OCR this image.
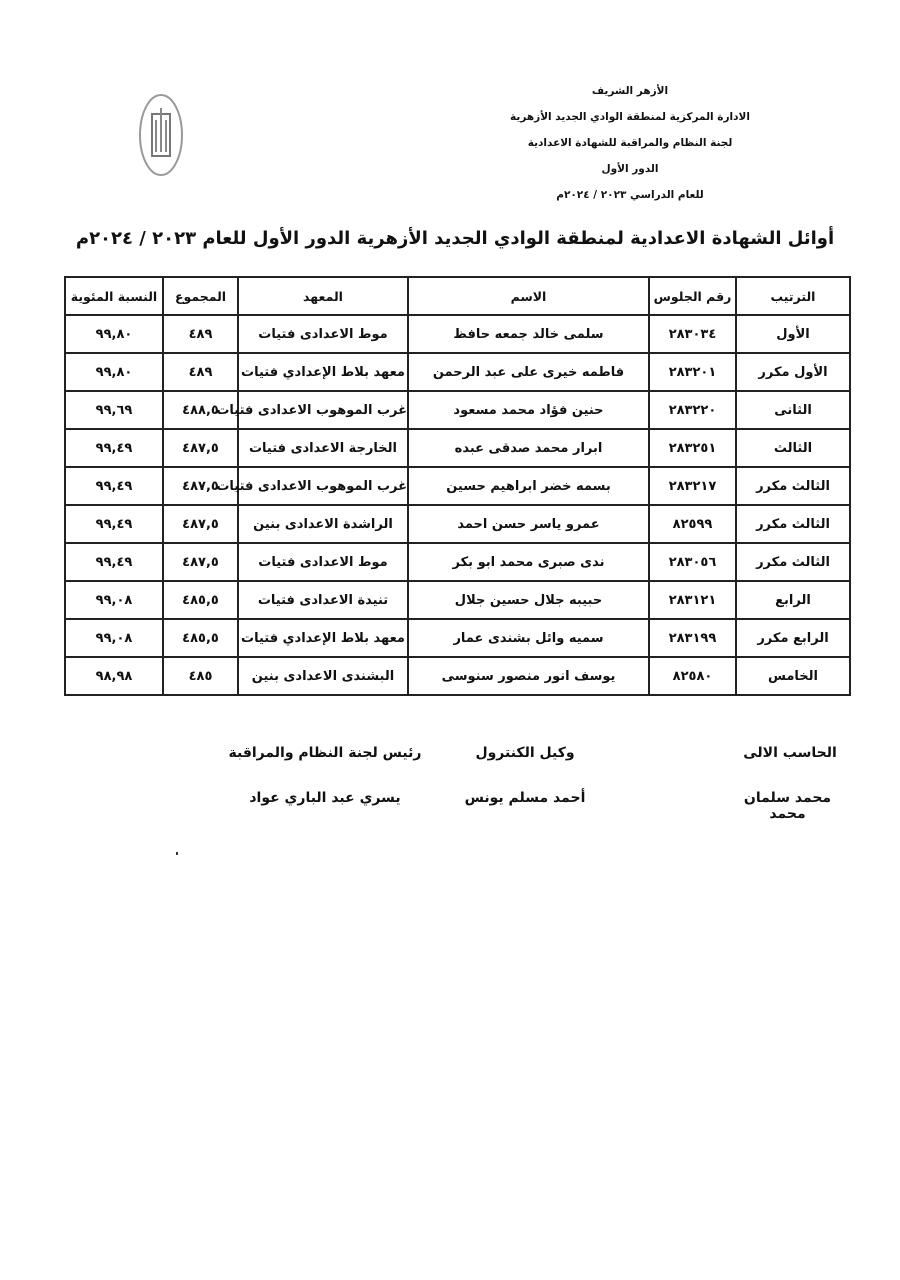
الأزهر الشريف
الادارة المركزية لمنطقة الوادي الجديد الأزهرية
لجنة النظام والمراقبة للشهادة الاعدادية
الدور الأول
للعام الدراسي ٢٠٢٣ / ٢٠٢٤م
أوائل الشهادة الاعدادية لمنطقة الوادي الجديد الأزهرية الدور الأول للعام ٢٠٢٣ / ٢٠٢٤م
الترتيب	رقم الجلوس	الاسم	المعهد	المجموع	النسبة المئوية
الأول	٢٨٣٠٣٤	سلمى خالد جمعه حافظ	موط الاعدادى فتيات	٤٨٩	٩٩,٨٠
الأول مكرر	٢٨٣٢٠١	فاطمه خيرى على عبد الرحمن	معهد بلاط الإعدادي فتيات	٤٨٩	٩٩,٨٠
الثانى	٢٨٣٢٢٠	حنين فؤاد محمد مسعود	غرب الموهوب الاعدادى فتيات	٤٨٨,٥	٩٩,٦٩
الثالث	٢٨٣٢٥١	ابرار محمد صدقى عبده	الخارجة الاعدادى فتيات	٤٨٧,٥	٩٩,٤٩
الثالث مكرر	٢٨٣٢١٧	بسمه خضر ابراهيم حسين	غرب الموهوب الاعدادى فتيات	٤٨٧,٥	٩٩,٤٩
الثالث مكرر	٨٢٥٩٩	عمرو ياسر حسن احمد	الراشدة الاعدادى بنين	٤٨٧,٥	٩٩,٤٩
الثالث مكرر	٢٨٣٠٥٦	ندى صبرى محمد ابو بكر	موط الاعدادى فتيات	٤٨٧,٥	٩٩,٤٩
الرابع	٢٨٣١٢١	حبيبه جلال حسين جلال	تنيدة الاعدادى فتيات	٤٨٥,٥	٩٩,٠٨
الرابع مكرر	٢٨٣١٩٩	سميه وائل بشندى عمار	معهد بلاط الإعدادي فتيات	٤٨٥,٥	٩٩,٠٨
الخامس	٨٢٥٨٠	يوسف انور منصور سنوسى	البشندى الاعدادى بنين	٤٨٥	٩٨,٩٨
الحاسب الالى
محمد سلمان محمد
وكيل الكنترول
أحمد مسلم يونس
رئيس لجنة النظام والمراقبة
يسري عبد الباري عواد
